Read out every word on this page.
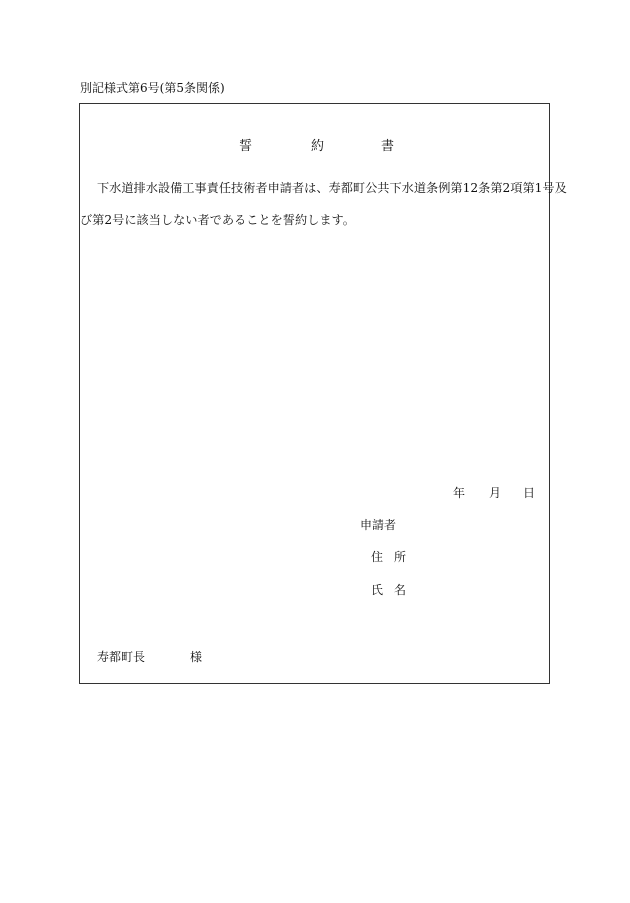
別記様式第6号(第5条関係)
誓	約	書
下水道排水設備工事責任技術者申請者は、寿都町公共下水道条例第12条第2項第1号及
び第2号に該当しない者であることを誓約します。
年 月 日
申請者
住所
氏名
寿都町長	様
